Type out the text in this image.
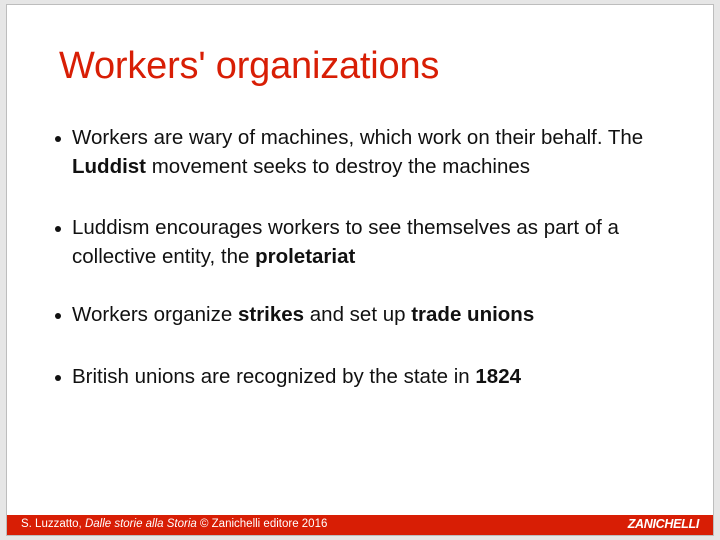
Workers' organizations
Workers are wary of machines, which work on their behalf. The Luddist movement seeks to destroy the machines
Luddism encourages workers to see themselves as part of a collective entity, the proletariat
Workers organize strikes and set up trade unions
British unions are recognized by the state in 1824
S. Luzzatto, Dalle storie alla Storia © Zanichelli editore 2016	ZANICHELLI
